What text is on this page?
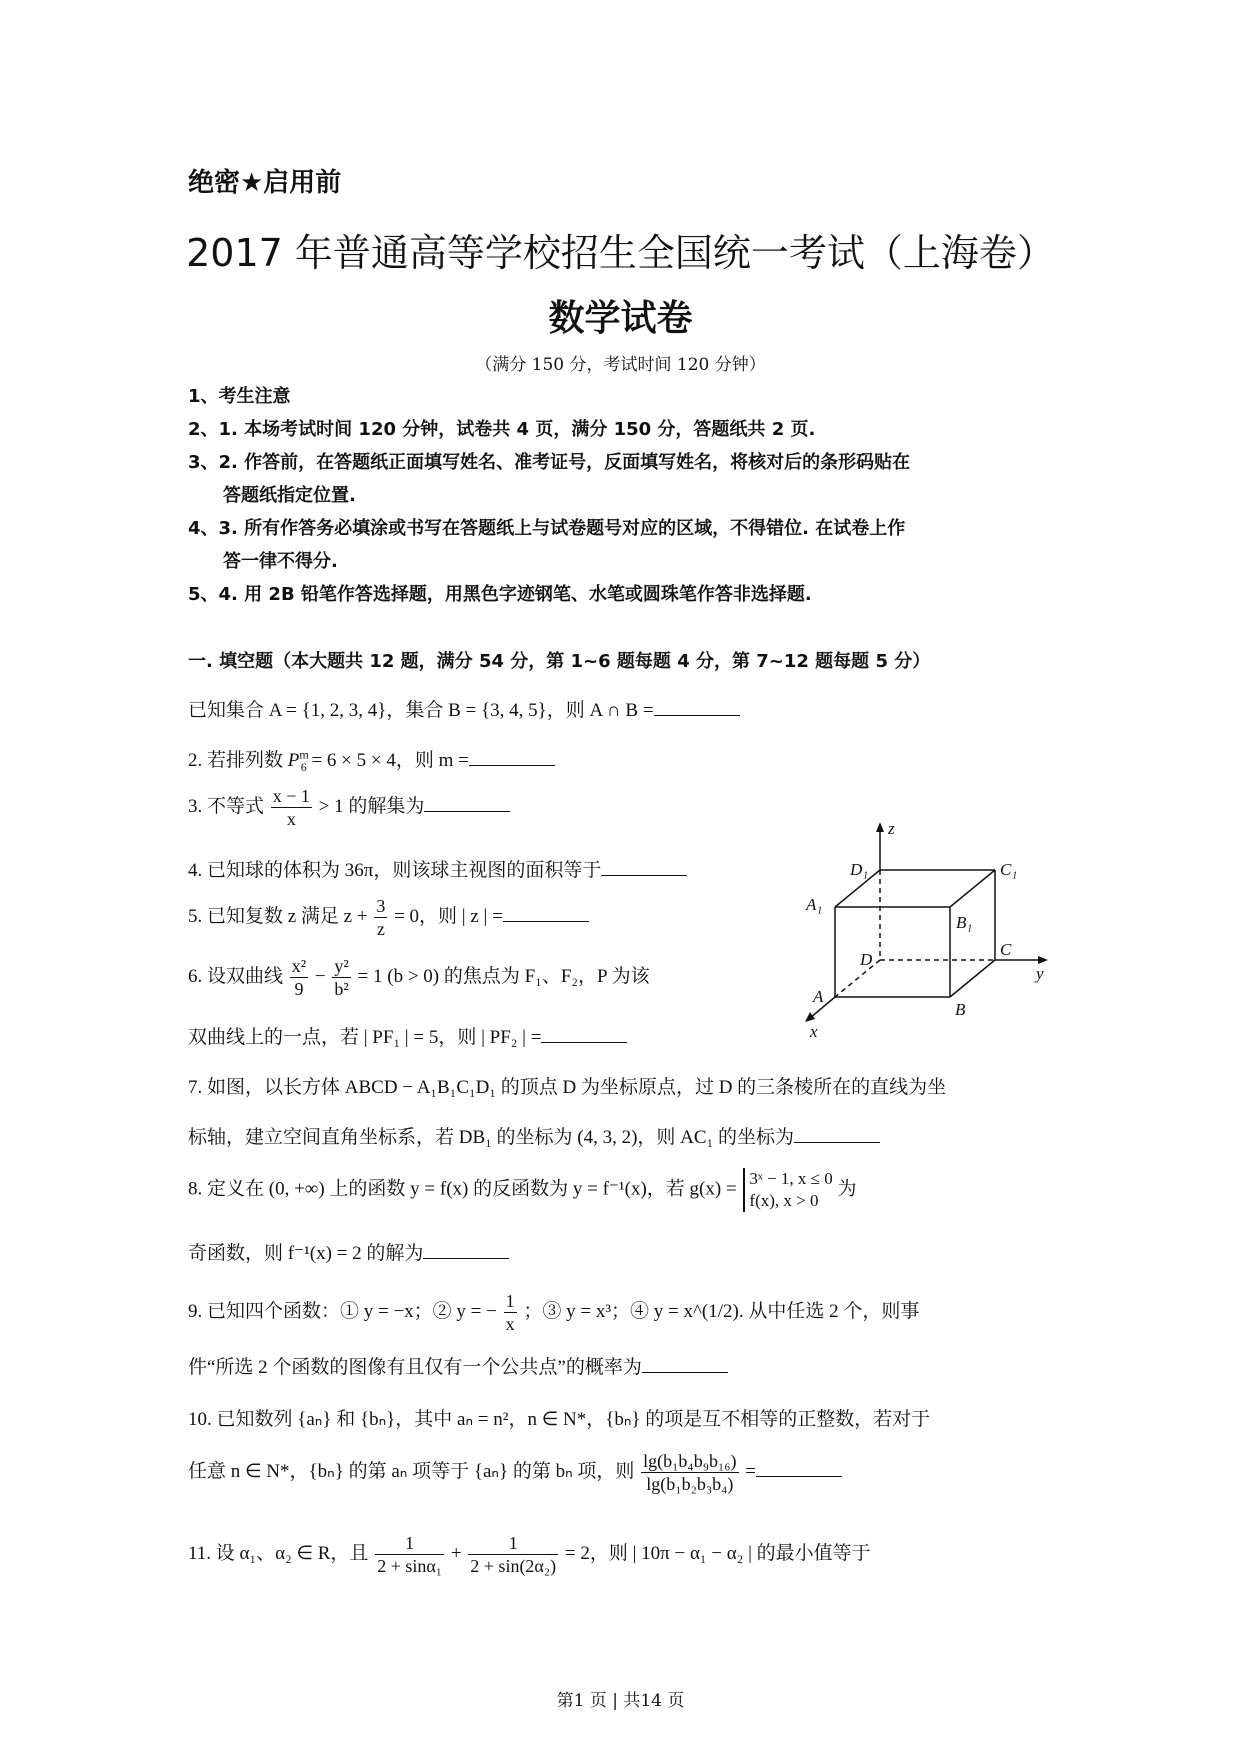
绝密★启用前
2017 年普通高等学校招生全国统一考试（上海卷）
数学试卷
（满分 150 分，考试时间 120 分钟）
1、考生注意
2、1. 本场考试时间 120 分钟，试卷共 4 页，满分 150 分，答题纸共 2 页.
3、2. 作答前，在答题纸正面填写姓名、准考证号，反面填写姓名，将核对后的条形码贴在
答题纸指定位置.
4、3. 所有作答务必填涂或书写在答题纸上与试卷题号对应的区域，不得错位. 在试卷上作
答一律不得分.
5、4. 用 2B 铅笔作答选择题，用黑色字迹钢笔、水笔或圆珠笔作答非选择题.
一. 填空题（本大题共 12 题，满分 54 分，第 1~6 题每题 4 分，第 7~12 题每题 5 分）
已知集合 A = {1, 2, 3, 4}，集合 B = {3, 4, 5}，则 A ∩ B =
2. 若排列数 $P^m_6 = 6 \times 5 \times 4$，则 m =
3. 不等式 $\frac{x - 1}{x} > 1$ 的解集为
4. 已知球的体积为 36π，则该球主视图的面积等于
5. 已知复数 z 满足 $z + \frac{3}{z} = 0$，则 | z | =
6. 设双曲线 $\frac{\text{x²}}{9} - \frac{\text{y²}}{\text{b²}} = 1$ (b > 0) 的焦点为 F₁、F₂，P 为该
双曲线上的一点，若 | PF₁ | = 5，则 | PF₂ | =
7. 如图，以长方体 ABCD − A₁B₁C₁D₁ 的顶点 D 为坐标原点，过 D 的三条棱所在的直线为坐
标轴，建立空间直角坐标系，若 DB₁ 的坐标为 (4, 3, 2)，则 AC₁ 的坐标为
8. 定义在 (0, +∞) 上的函数 y = f(x) 的反函数为 y = f⁻¹(x)，若 g(x) = 3ˣ − 1, x ≤ 0
f(x), x > 0
为
奇函数，则 f⁻¹(x) = 2 的解为
9. 已知四个函数：① y = −x；② y = − $\frac{1}{x}$ ；③ y = x³；④ y = x^(1/2). 从中任选 2 个，则事
件“所选 2 个函数的图像有且仅有一个公共点”的概率为
10. 已知数列 {aₙ} 和 {bₙ}，其中 aₙ = n²，n ∈ N*，{bₙ} 的项是互不相等的正整数，若对于
任意 n ∈ N*，{bₙ} 的第 aₙ 项等于 {aₙ} 的第 bₙ 项，则 $\frac{\text{lg(b₁b₄b₉b₁₆)}}{\text{lg(b₁b₂b₃b₄)}}$ =
11. 设 α₁、α₂ ∈ R，且 $\frac{1}{\text{2 + sinα₁}} + \frac{1}{\text{2 + sin(2α₂)}} = 2$，则 | 10π − α₁ − α₂ | 的最小值等于
z
y
x
D₁	C₁
A₁
B₁
C
D
A
B
第1 页 | 共14 页
